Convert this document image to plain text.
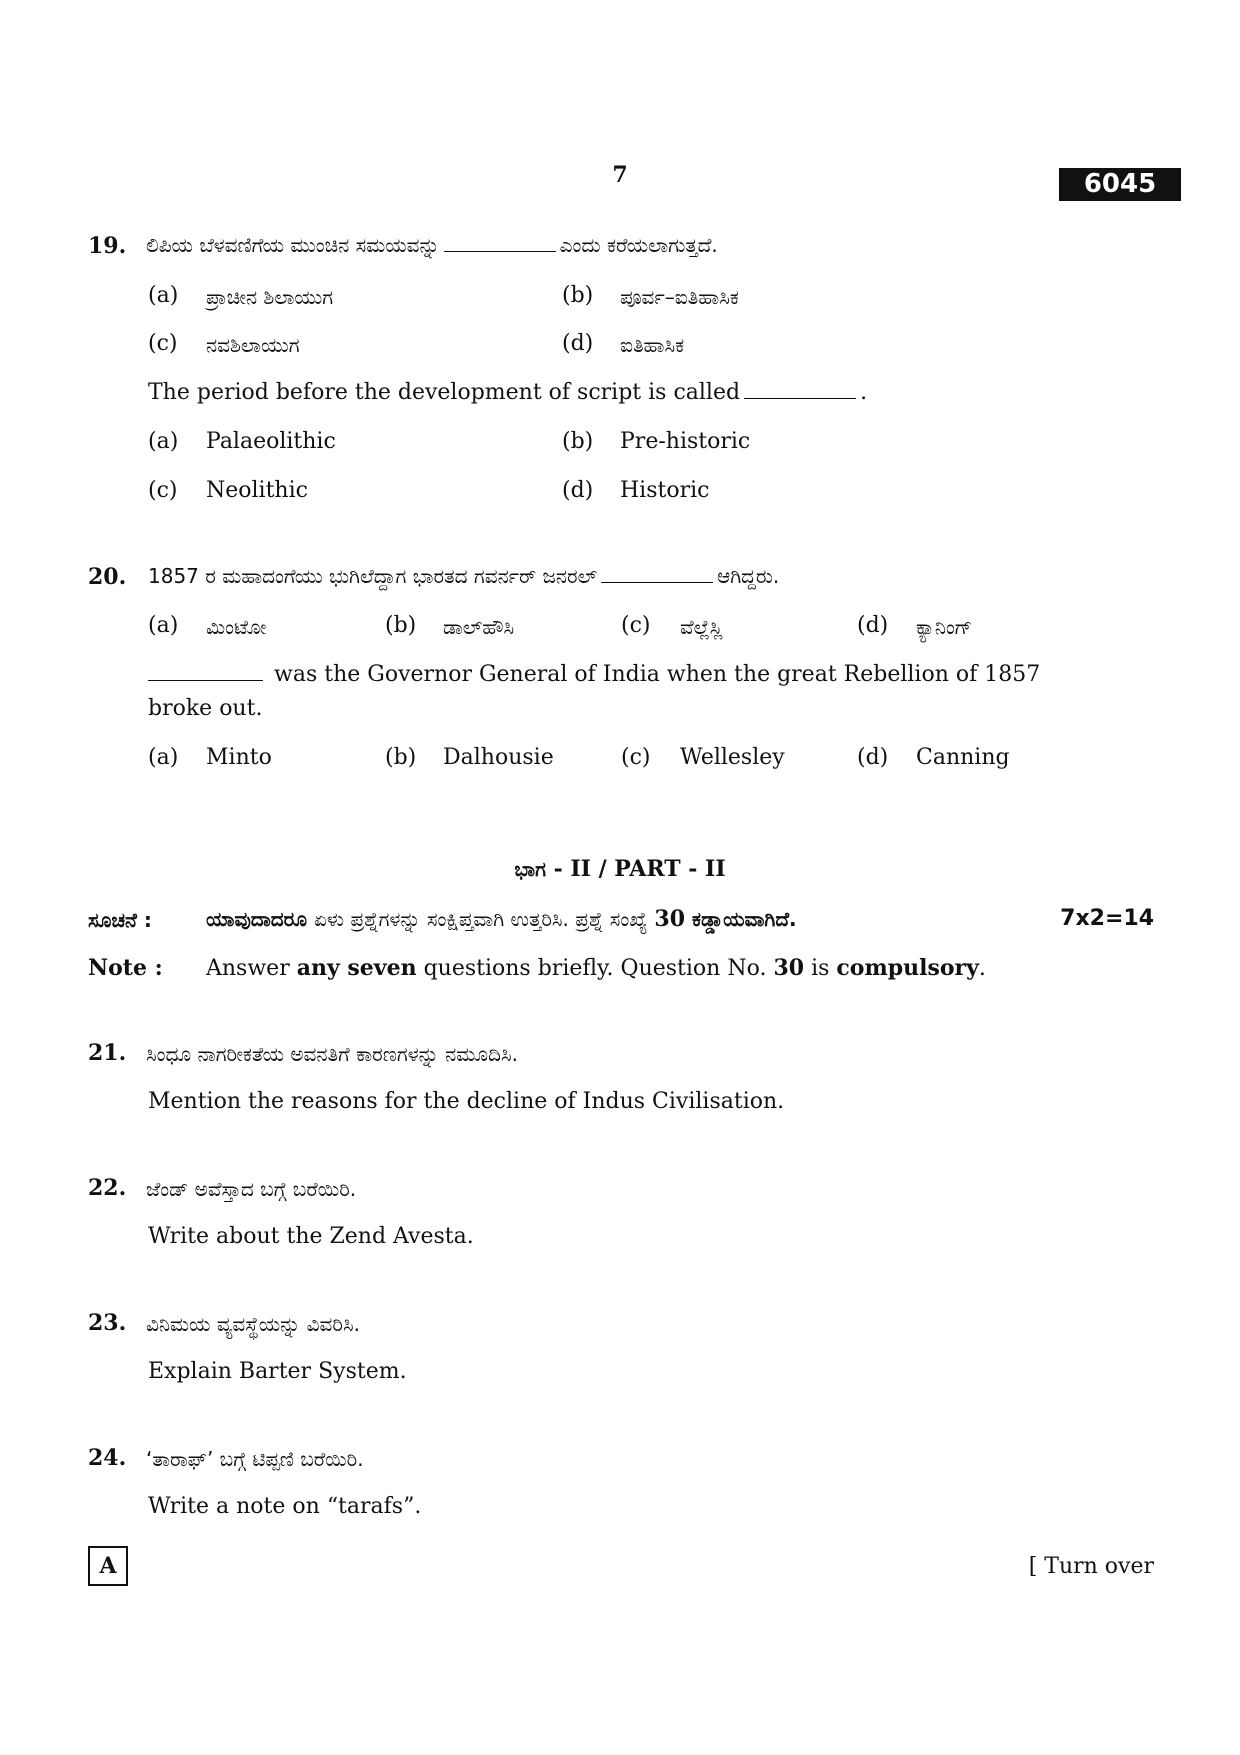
7	6045
19. ಲಿಪಿಯ ಬೆಳವಣಿಗೆಯ ಮುಂಚಿನ ಸಮಯವನ್ನು	ಎಂದು ಕರೆಯಲಾಗುತ್ತದೆ.
(a) ಪ್ರಾಚೀನ ಶಿಲಾಯುಗ	(b) ಪೂರ್ವ–ಐತಿಹಾಸಿಕ
(c) ನವಶಿಲಾಯುಗ	(d) ಐತಿಹಾಸಿಕ
The period before the development of script is called	.
(a) Palaeolithic	(b) Pre-historic
(c) Neolithic	(d) Historic
20. 1857 ರ ಮಹಾದಂಗೆಯು ಭುಗಿಲೆದ್ದಾಗ ಭಾರತದ ಗವರ್ನರ್ ಜನರಲ್	ಆಗಿದ್ದರು.
(a) ಮಿಂಟೋ	(b) ಡಾಲ್‌ಹೌಸಿ	(c) ವೆಲ್ಲೆಸ್ಲಿ	(d) ಕ್ಯಾನಿಂಗ್
was the Governor General of India when the great Rebellion of 1857
broke out.
(a) Minto	(b) Dalhousie	(c) Wellesley	(d) Canning
ಭಾಗ - II / PART - II
ಸೂಚನೆ :	ಯಾವುದಾದರೂ ಏಳು ಪ್ರಶ್ನೆಗಳನ್ನು ಸಂಕ್ಷಿಪ್ತವಾಗಿ ಉತ್ತರಿಸಿ. ಪ್ರಶ್ನೆ ಸಂಖ್ಯೆ 30 ಕಡ್ಡಾಯವಾಗಿದೆ.	7x2=14
Note : Answer any seven questions briefly. Question No. 30 is compulsory.
21. ಸಿಂಧೂ ನಾಗರೀಕತೆಯ ಅವನತಿಗೆ ಕಾರಣಗಳನ್ನು ನಮೂದಿಸಿ.
Mention the reasons for the decline of Indus Civilisation.
22. ಜೆಂಡ್ ಅವೆಸ್ತಾದ ಬಗ್ಗೆ ಬರೆಯಿರಿ.
Write about the Zend Avesta.
23. ವಿನಿಮಯ ವ್ಯವಸ್ಥೆಯನ್ನು ವಿವರಿಸಿ.
Explain Barter System.
24. ‘ತಾರಾಫ್’ ಬಗ್ಗೆ ಟಿಪ್ಪಣಿ ಬರೆಯಿರಿ.
Write a note on “tarafs”.
A	[ Turn over
